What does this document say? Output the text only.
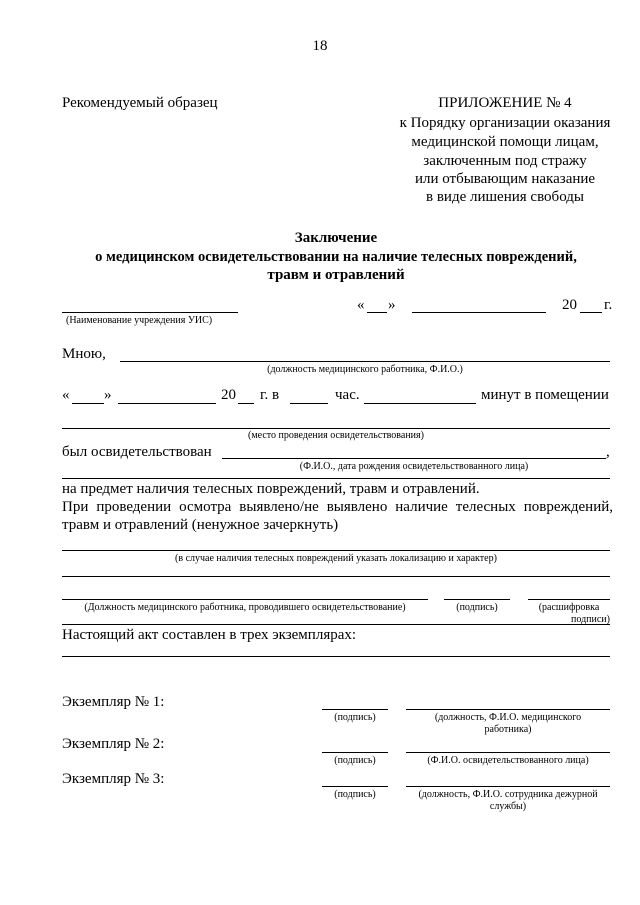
18
Рекомендуемый образец	ПРИЛОЖЕНИЕ № 4
к Порядку организации оказания
медицинской помощи лицам,
заключенным под стражу
или отбывающим наказание
в виде лишения свободы
Заключение
о медицинском освидетельствовании на наличие телесных повреждений,
травм и отравлений
(Наименование учреждения УИС)
« »	20 г.
Мною,
(должность медицинского работника, Ф.И.О.)
« »	20 г. в	час.	минут в помещении
(место проведения освидетельствования)
был освидетельствован	,
(Ф.И.О., дата рождения освидетельствованного лица)
на предмет наличия телесных повреждений, травм и отравлений.
При проведении осмотра выявлено/не выявлено наличие телесных повреждений,
травм и отравлений (ненужное зачеркнуть)
(в случае наличия телесных повреждений указать локализацию и характер)
(Должность медицинского работника, проводившего освидетельствование)	(подпись)	(расшифровка
подписи)
Настоящий акт составлен в трех экземплярах:
Экземпляр № 1:
(подпись)	(должность, Ф.И.О. медицинского
работника)
Экземпляр № 2:
(подпись)	(Ф.И.О. освидетельствованного лица)
Экземпляр № 3:
(подпись)	(должность, Ф.И.О. сотрудника дежурной
службы)
